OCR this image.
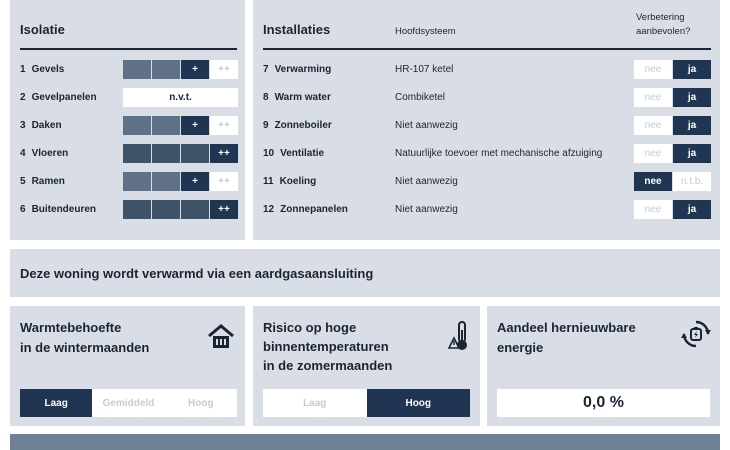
Isolatie
1 Gevels	+	++
2 Gevelpanelen	n.v.t.
3 Daken	+	++
4 Vloeren	++
5 Ramen	+	++
6 Buitendeuren	++
Installaties	Hoofdsysteem
Verbetering
aanbevolen?
7 Verwarming	HR-107 ketel	nee	ja
8 Warm water	Combiketel	nee	ja
9 Zonneboiler	Niet aanwezig	nee	ja
10 Ventilatie	Natuurlijke toevoer met mechanische afzuiging	nee	ja
11 Koeling	Niet aanwezig	nee	n.t.b.
12 Zonnepanelen	Niet aanwezig	nee	ja
Deze woning wordt verwarmd via een aardgasaansluiting
Warmtebehoefte
in de wintermaanden
Laag	Gemiddeld	Hoog
Risico op hoge
binnentemperaturen
in de zomermaanden
Laag	Hoog
Aandeel hernieuwbare
energie
0,0 %
